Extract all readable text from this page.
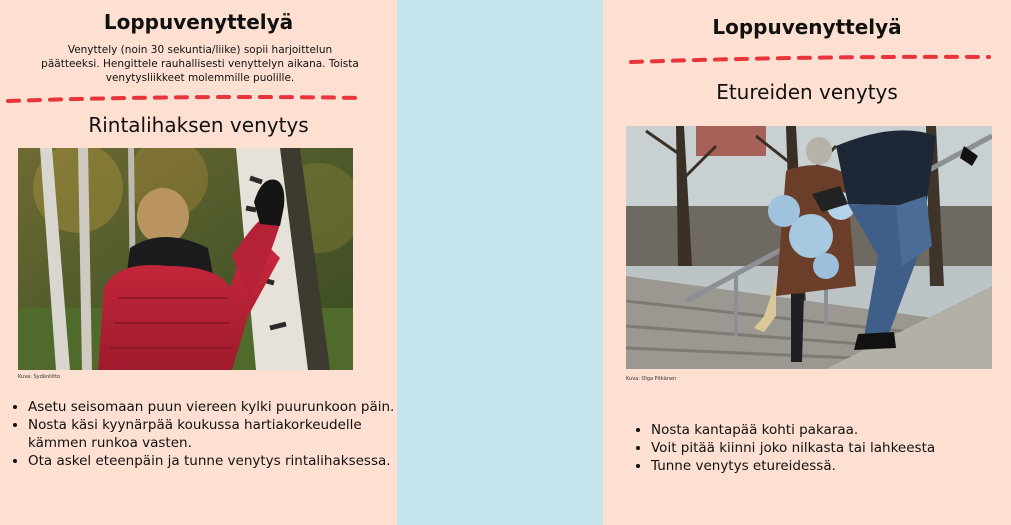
Loppuvenyttelyä

Venyttely (noin 30 sekuntia/liike) sopii harjoittelun päätteeksi. Hengittele rauhallisesti venyttelyn aikana. Toista venytysliikkeet molemmille puolille.

Rintalihaksen venytys

Kuva: Sydänliitto

• Asetu seisomaan puun viereen kylki puurunkoon päin.
• Nosta käsi kyynärpää koukussa hartiakorkeudelle kämmen runkoa vasten.
• Ota askel eteenpäin ja tunne venytys rintalihaksessa.
Loppuvenyttelyä
Etureiden venytys

Kuva: Olga Pitkänen

• Nosta kantapää kohti pakaraa.
• Voit pitää kiinni joko nilkasta tai lahkeesta
• Tunne venytys etureidessä.
